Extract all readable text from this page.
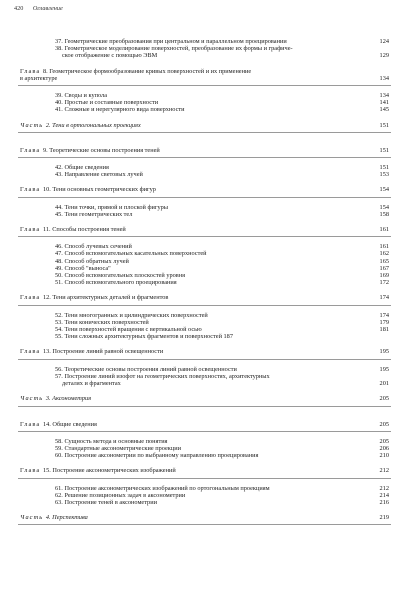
420 Оглавление
37. Геометрические преобразования при центральном и параллельном проецировании	124
38. Геометрическое моделирование поверхностей, преобразование их формы и графиче-
ское отображение с помощью ЭВМ	129
Глава 8. Геометрическое формообразование кривых поверхностей и их применение
в архитектуре	134
39. Своды и купола	134
40. Простые и составные поверхности	141
41. Сложные и нерегулярного вида поверхности	145
Часть 2. Тени в ортогональных проекциях	151
Глава 9. Теоретические основы построения теней	151
42. Общие сведения	151
43. Направление световых лучей	153
Глава 10. Тени основных геометрических фигур	154
44. Тени точки, прямой и плоской фигуры	154
45. Тени геометрических тел	158
Глава 11. Способы построения теней	161
46. Способ лучевых сечений	161
47. Способ вспомогательных касательных поверхностей	162
48. Способ обратных лучей	165
49. Способ "выноса"	167
50. Способ вспомогательных плоскостей уровня	169
51. Способ вспомогательного проецирования	172
Глава 12. Тени архитектурных деталей и фрагментов	174
52. Тени многогранных и цилиндрических поверхностей	174
53. Тени конических поверхностей	179
54. Тени поверхностей вращения с вертикальной осью	181
55. Тени сложных архитектурных фрагментов и поверхностей 187
Глава 13. Построение линий равной освещенности	195
56. Теоретические основы построения линий равной освещенности	195
57. Построение линий изофот на геометрических поверхностях, архитектурных
деталях и фрагментах	201
Часть 3. Аксонометрия	205
Глава 14. Общие сведения	205
58. Сущность метода и основные понятия	205
59. Стандартные аксонометрические проекции	206
60. Построение аксонометрии по выбранному направлению проецирования	210
Глава 15. Построение аксонометрических изображений	212
61. Построение аксонометрических изображений по ортогональным проекциям	212
62. Решение позиционных задач в аксонометрии	214
63. Построение теней в аксонометрии	216
Часть 4. Перспектива	219
